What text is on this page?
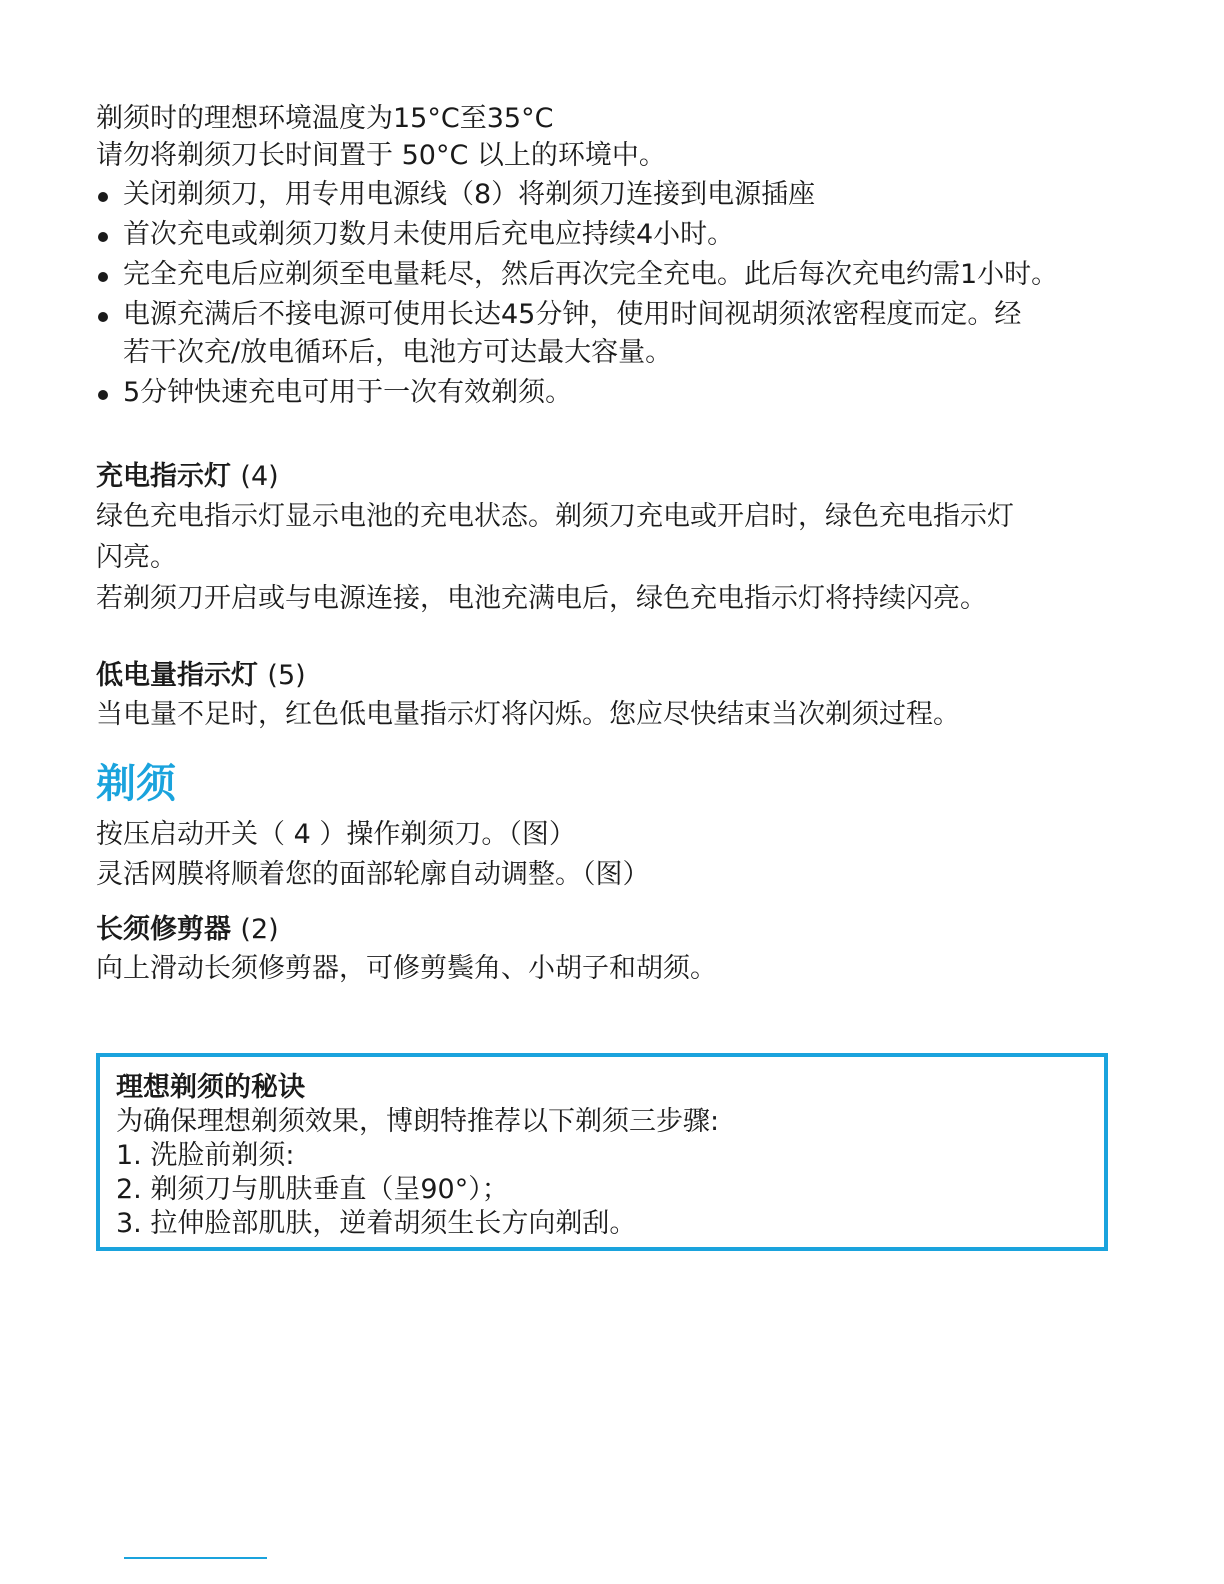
剃须时的理想环境温度为15°C至35°C

请勿将剃须刀长时间置于 50°C 以上的环境中。

关闭剃须刀，用专用电源线（8）将剃须刀连接到电源插座
首次充电或剃须刀数月未使用后充电应持续4小时。
完全充电后应剃须至电量耗尽，然后再次完全充电。此后每次充电约需1小时。
电源充满后不接电源可使用长达45分钟，使用时间视胡须浓密程度而定。经
若干次充/放电循环后，电池方可达最大容量。
5分钟快速充电可用于一次有效剃须。

充电指示灯 (4)

绿色充电指示灯显示电池的充电状态。剃须刀充电或开启时，绿色充电指示灯

闪亮。

若剃须刀开启或与电源连接，电池充满电后，绿色充电指示灯将持续闪亮。

低电量指示灯 (5)

当电量不足时，红色低电量指示灯将闪烁。您应尽快结束当次剃须过程。

剃须

按压启动开关（ 4 ）操作剃须刀。（图）

灵活网膜将顺着您的面部轮廓自动调整。（图）

长须修剪器 (2)

向上滑动长须修剪器，可修剪鬓角、小胡子和胡须。

理想剃须的秘诀

为确保理想剃须效果，博朗特推荐以下剃须三步骤:

1. 洗脸前剃须:

2. 剃须刀与肌肤垂直（呈90°）；

3. 拉伸脸部肌肤，逆着胡须生长方向剃刮。
